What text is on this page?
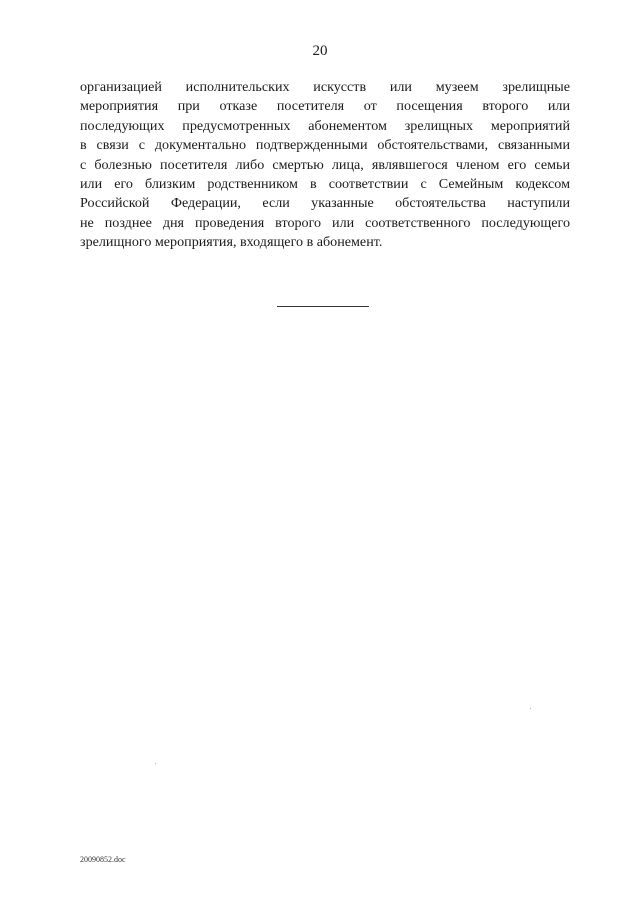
20

организацией исполнительских искусств или музеем зрелищные
мероприятия при отказе посетителя от посещения второго или
последующих предусмотренных абонементом зрелищных мероприятий
в связи с документально подтвержденными обстоятельствами, связанными
с болезнью посетителя либо смертью лица, являвшегося членом его семьи
или его близким родственником в соответствии с Семейным кодексом
Российской Федерации, если указанные обстоятельства наступили
не позднее дня проведения второго или соответственного последующего
зрелищного мероприятия, входящего в абонемент.

20090852.doc
